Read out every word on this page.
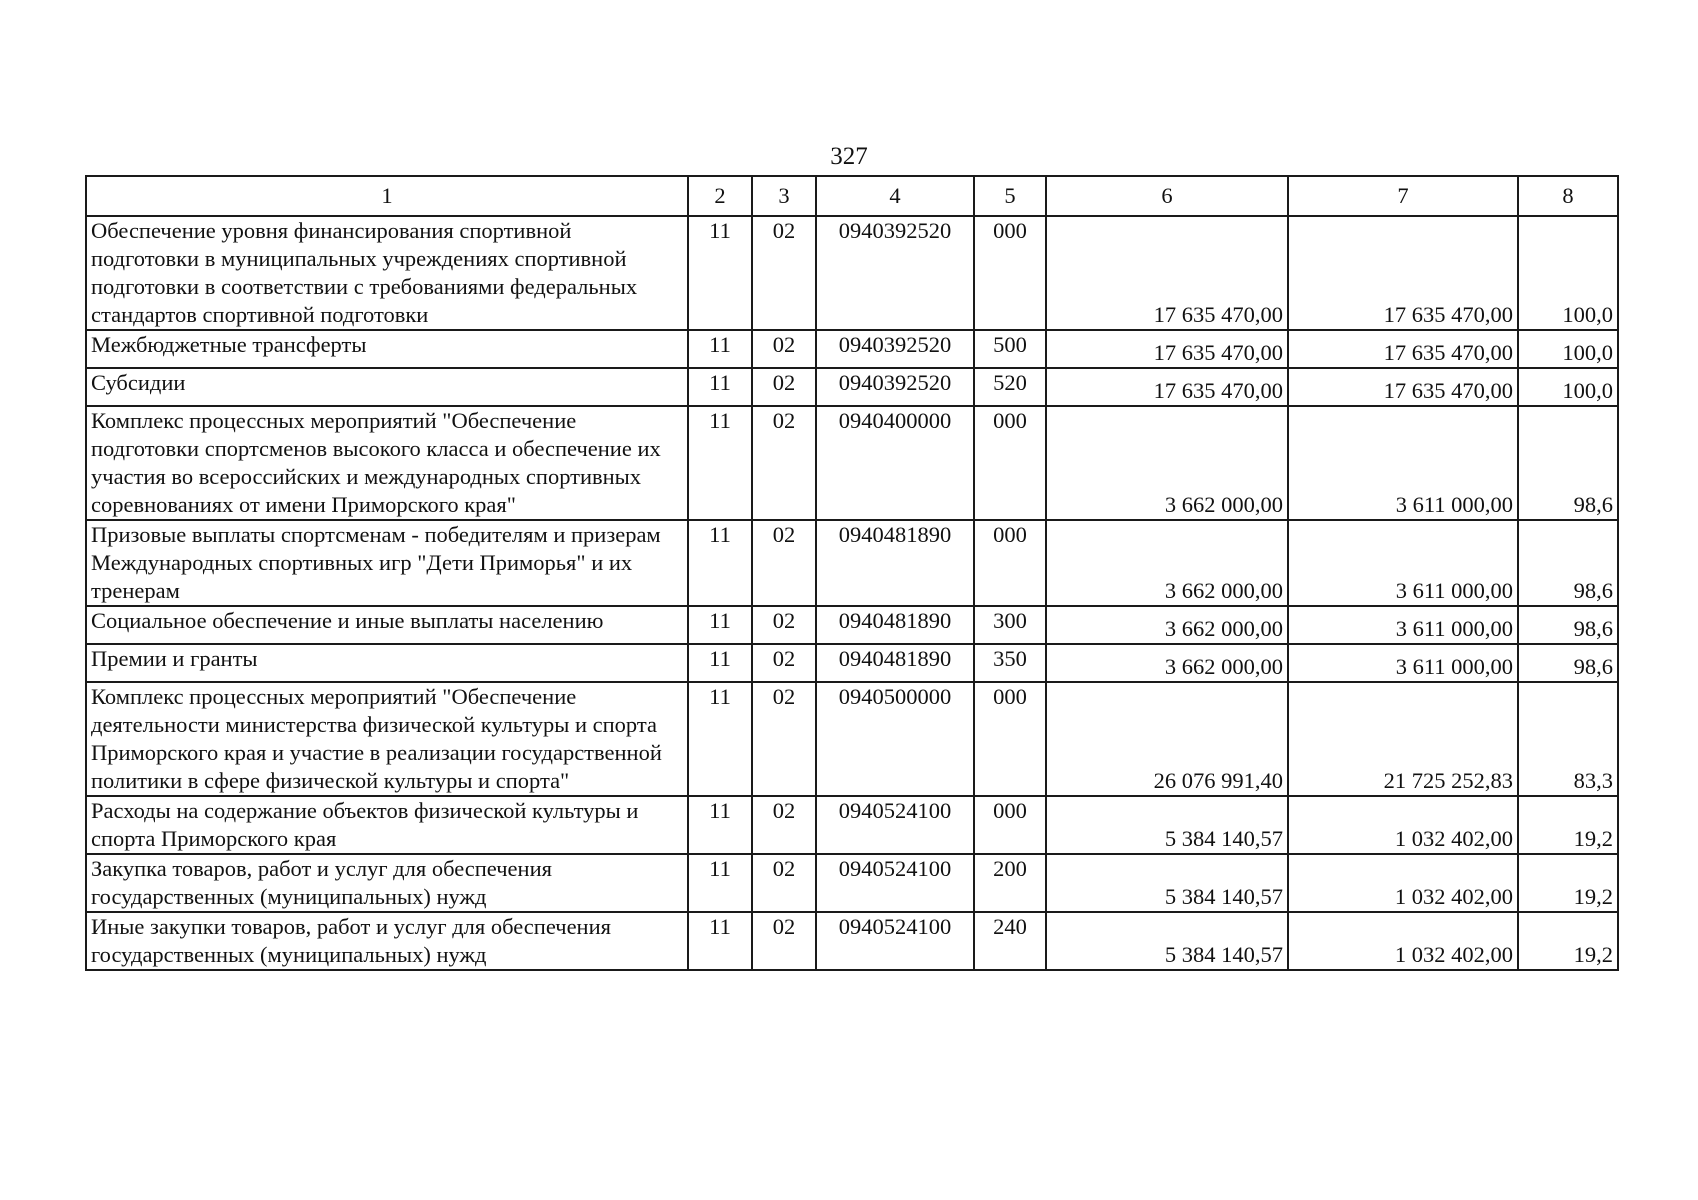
327
1	2	3	4	5	6	7	8
Обеспечение уровня финансирования спортивной подготовки в муниципальных учреждениях спортивной подготовки в соответствии с требованиями федеральных стандартов спортивной подготовки	11	02	0940392520	000	17 635 470,00	17 635 470,00	100,0
Межбюджетные трансферты	11	02	0940392520	500	17 635 470,00	17 635 470,00	100,0
Субсидии	11	02	0940392520	520	17 635 470,00	17 635 470,00	100,0
Комплекс процессных мероприятий "Обеспечение подготовки спортсменов высокого класса и обеспечение их участия во всероссийских и международных спортивных соревнованиях от имени Приморского края"	11	02	0940400000	000	3 662 000,00	3 611 000,00	98,6
Призовые выплаты спортсменам - победителям и призерам Международных спортивных игр "Дети Приморья" и их тренерам	11	02	0940481890	000	3 662 000,00	3 611 000,00	98,6
Социальное обеспечение и иные выплаты населению	11	02	0940481890	300	3 662 000,00	3 611 000,00	98,6
Премии и гранты	11	02	0940481890	350	3 662 000,00	3 611 000,00	98,6
Комплекс процессных мероприятий "Обеспечение деятельности министерства физической культуры и спорта Приморского края и участие в реализации государственной политики в сфере физической культуры и спорта"	11	02	0940500000	000	26 076 991,40	21 725 252,83	83,3
Расходы на содержание объектов физической культуры и спорта Приморского края	11	02	0940524100	000	5 384 140,57	1 032 402,00	19,2
Закупка товаров, работ и услуг для обеспечения государственных (муниципальных) нужд	11	02	0940524100	200	5 384 140,57	1 032 402,00	19,2
Иные закупки товаров, работ и услуг для обеспечения государственных (муниципальных) нужд	11	02	0940524100	240	5 384 140,57	1 032 402,00	19,2
